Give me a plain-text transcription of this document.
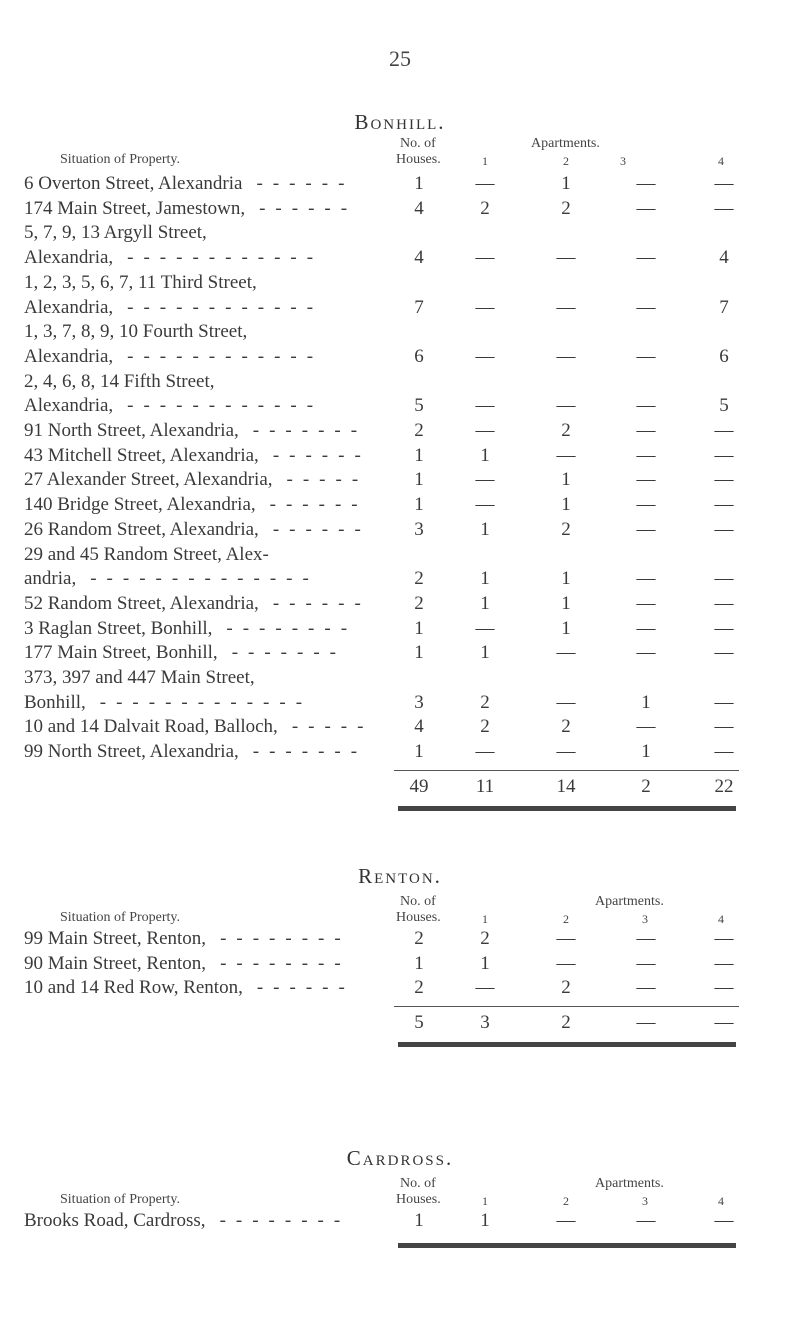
25
Bonhill.
No. of	Apartments.
Situation of Property.	Houses.	1	2	3	4
6 Overton Street, Alexandria ------	1	—	1	—	—
174 Main Street, Jamestown, ------	4	2	2	—	—
5, 7, 9, 13 Argyll Street,
Alexandria, ------------	4	—	—	—	4
1, 2, 3, 5, 6, 7, 11 Third Street,
Alexandria, ------------	7	—	—	—	7
1, 3, 7, 8, 9, 10 Fourth Street,
Alexandria, ------------	6	—	—	—	6
2, 4, 6, 8, 14 Fifth Street,
Alexandria, ------------	5	—	—	—	5
91 North Street, Alexandria, -------	2	—	2	—	—
43 Mitchell Street, Alexandria, ------	1	1	—	—	—
27 Alexander Street, Alexandria, -----	1	—	1	—	—
140 Bridge Street, Alexandria, ------	1	—	1	—	—
26 Random Street, Alexandria, ------	3	1	2	—	—
29 and 45 Random Street, Alex-
andria, --------------	2	1	1	—	—
52 Random Street, Alexandria, ------	2	1	1	—	—
3 Raglan Street, Bonhill, --------	1	—	1	—	—
177 Main Street, Bonhill, -------	1	1	—	—	—
373, 397 and 447 Main Street,
Bonhill, -------------	3	2	—	1	—
10 and 14 Dalvait Road, Balloch, -----	4	2	2	—	—
99 North Street, Alexandria, -------	1	—	—	1	—
49	11	14	2	22
Renton.
No. of	Apartments.
Situation of Property.	Houses.	1	2	3	4
99 Main Street, Renton, --------	2	2	—	—	—
90 Main Street, Renton, --------	1	1	—	—	—
10 and 14 Red Row, Renton, ------	2	—	2	—	—
5	3	2	—	—
Cardross.
No. of	Apartments.
Situation of Property.	Houses.	1	2	3	4
Brooks Road, Cardross, --------	1	1	—	—	—
